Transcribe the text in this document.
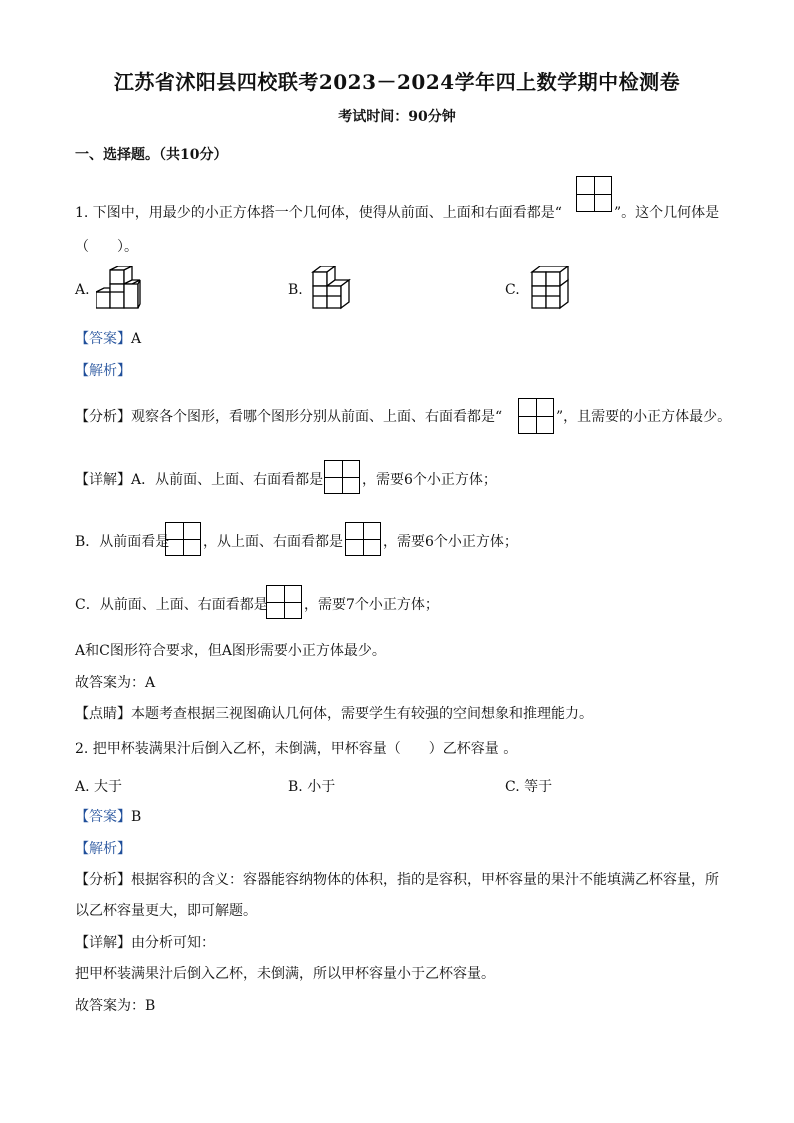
江苏省沭阳县四校联考2023－2024学年四上数学期中检测卷
考试时间：90分钟
一、选择题。（共10分）
1. 下图中，用最少的小正方体搭一个几何体，使得从前面、上面和右面看都是“	”。这个几何体是
（　　）。
A.	B.	C.
【答案】A
【解析】
【分析】观察各个图形，看哪个图形分别从前面、上面、右面看都是“	”，且需要的小正方体最少。
【详解】A．从前面、上面、右面看都是	，需要6个小正方体；
B．从前面看是 ，从上面、右面看都是	，需要6个小正方体；
C．从前面、上面、右面看都是	，需要7个小正方体；
A和C图形符合要求，但A图形需要小正方体最少。
故答案为：A
【点睛】本题考查根据三视图确认几何体，需要学生有较强的空间想象和推理能力。
2. 把甲杯装满果汁后倒入乙杯，未倒满，甲杯容量（　　）乙杯容量 。
A. 大于	B. 小于	C. 等于
【答案】B
【解析】
【分析】根据容积的含义：容器能容纳物体的体积，指的是容积，甲杯容量的果汁不能填满乙杯容量，所
以乙杯容量更大，即可解题。
【详解】由分析可知：
把甲杯装满果汁后倒入乙杯，未倒满，所以甲杯容量小于乙杯容量。
故答案为：B
